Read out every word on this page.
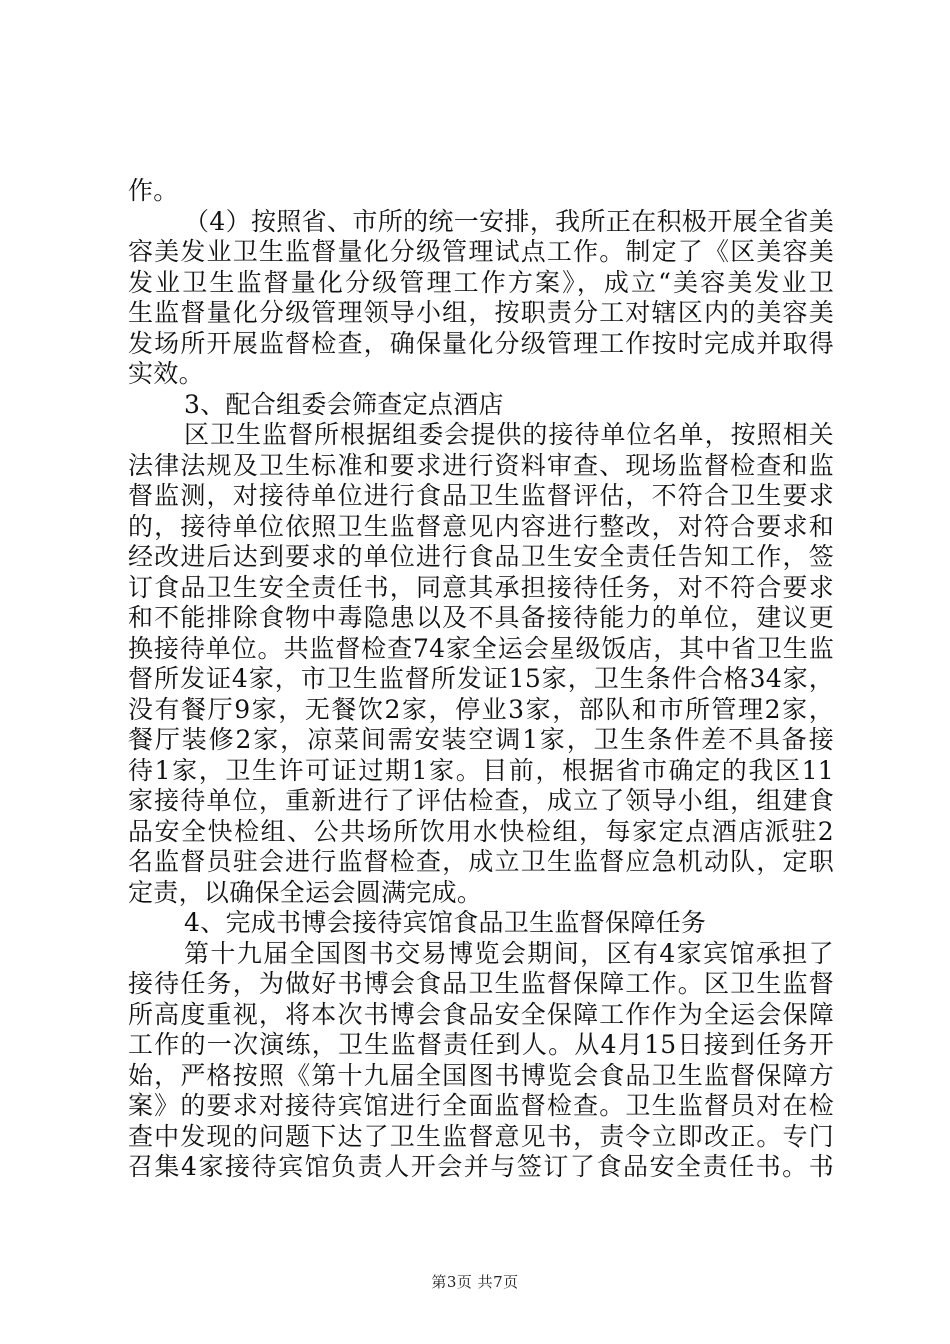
作。
（4）按照省、市所的统一安排，我所正在积极开展全省美
容美发业卫生监督量化分级管理试点工作。制定了《区美容美
发业卫生监督量化分级管理工作方案》，成立“美容美发业卫
生监督量化分级管理领导小组，按职责分工对辖区内的美容美
发场所开展监督检查，确保量化分级管理工作按时完成并取得
实效。
3、配合组委会筛查定点酒店
区卫生监督所根据组委会提供的接待单位名单，按照相关
法律法规及卫生标准和要求进行资料审查、现场监督检查和监
督监测，对接待单位进行食品卫生监督评估，不符合卫生要求
的，接待单位依照卫生监督意见内容进行整改，对符合要求和
经改进后达到要求的单位进行食品卫生安全责任告知工作，签
订食品卫生安全责任书，同意其承担接待任务，对不符合要求
和不能排除食物中毒隐患以及不具备接待能力的单位，建议更
换接待单位。共监督检查74家全运会星级饭店，其中省卫生监
督所发证4家，市卫生监督所发证15家，卫生条件合格34家，
没有餐厅9家，无餐饮2家，停业3家，部队和市所管理2家，
餐厅装修2家，凉菜间需安装空调1家，卫生条件差不具备接
待1家，卫生许可证过期1家。目前，根据省市确定的我区11
家接待单位，重新进行了评估检查，成立了领导小组，组建食
品安全快检组、公共场所饮用水快检组，每家定点酒店派驻2
名监督员驻会进行监督检查，成立卫生监督应急机动队，定职
定责，以确保全运会圆满完成。
4、完成书博会接待宾馆食品卫生监督保障任务
第十九届全国图书交易博览会期间，区有4家宾馆承担了
接待任务，为做好书博会食品卫生监督保障工作。区卫生监督
所高度重视，将本次书博会食品安全保障工作作为全运会保障
工作的一次演练，卫生监督责任到人。从4月15日接到任务开
始，严格按照《第十九届全国图书博览会食品卫生监督保障方
案》的要求对接待宾馆进行全面监督检查。卫生监督员对在检
查中发现的问题下达了卫生监督意见书，责令立即改正。专门
召集4家接待宾馆负责人开会并与签订了食品安全责任书。书
第3页 共7页
